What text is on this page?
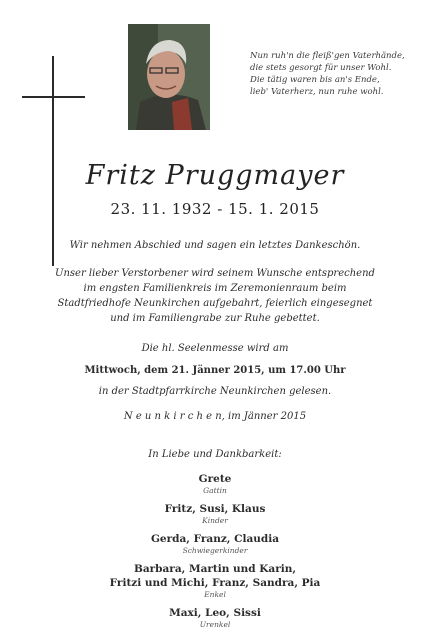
Nun ruh'n die fleiß'gen Vaterhände,
die stets gesorgt für unser Wohl.
Die tätig waren bis an's Ende,
lieb' Vaterherz, nun ruhe wohl.
Fritz Pruggmayer
23. 11. 1932 - 15. 1. 2015
Wir nehmen Abschied und sagen ein letztes Dankeschön.
Unser lieber Verstorbener wird seinem Wunsche entsprechend
im engsten Familienkreis im Zeremonienraum beim
Stadtfriedhofe Neunkirchen aufgebahrt, feierlich eingesegnet
und im Familiengrabe zur Ruhe gebettet.
Die hl. Seelenmesse wird am
Mittwoch, dem 21. Jänner 2015, um 17.00 Uhr
in der Stadtpfarrkirche Neunkirchen gelesen.
N e u n k i r c h e n, im Jänner 2015
In Liebe und Dankbarkeit:
Grete
Gattin
Fritz, Susi, Klaus
Kinder
Gerda, Franz, Claudia
Schwiegerkinder
Barbara, Martin und Karin,
Fritzi und Michi, Franz, Sandra, Pia
Enkel
Maxi, Leo, Sissi
Urenkel
